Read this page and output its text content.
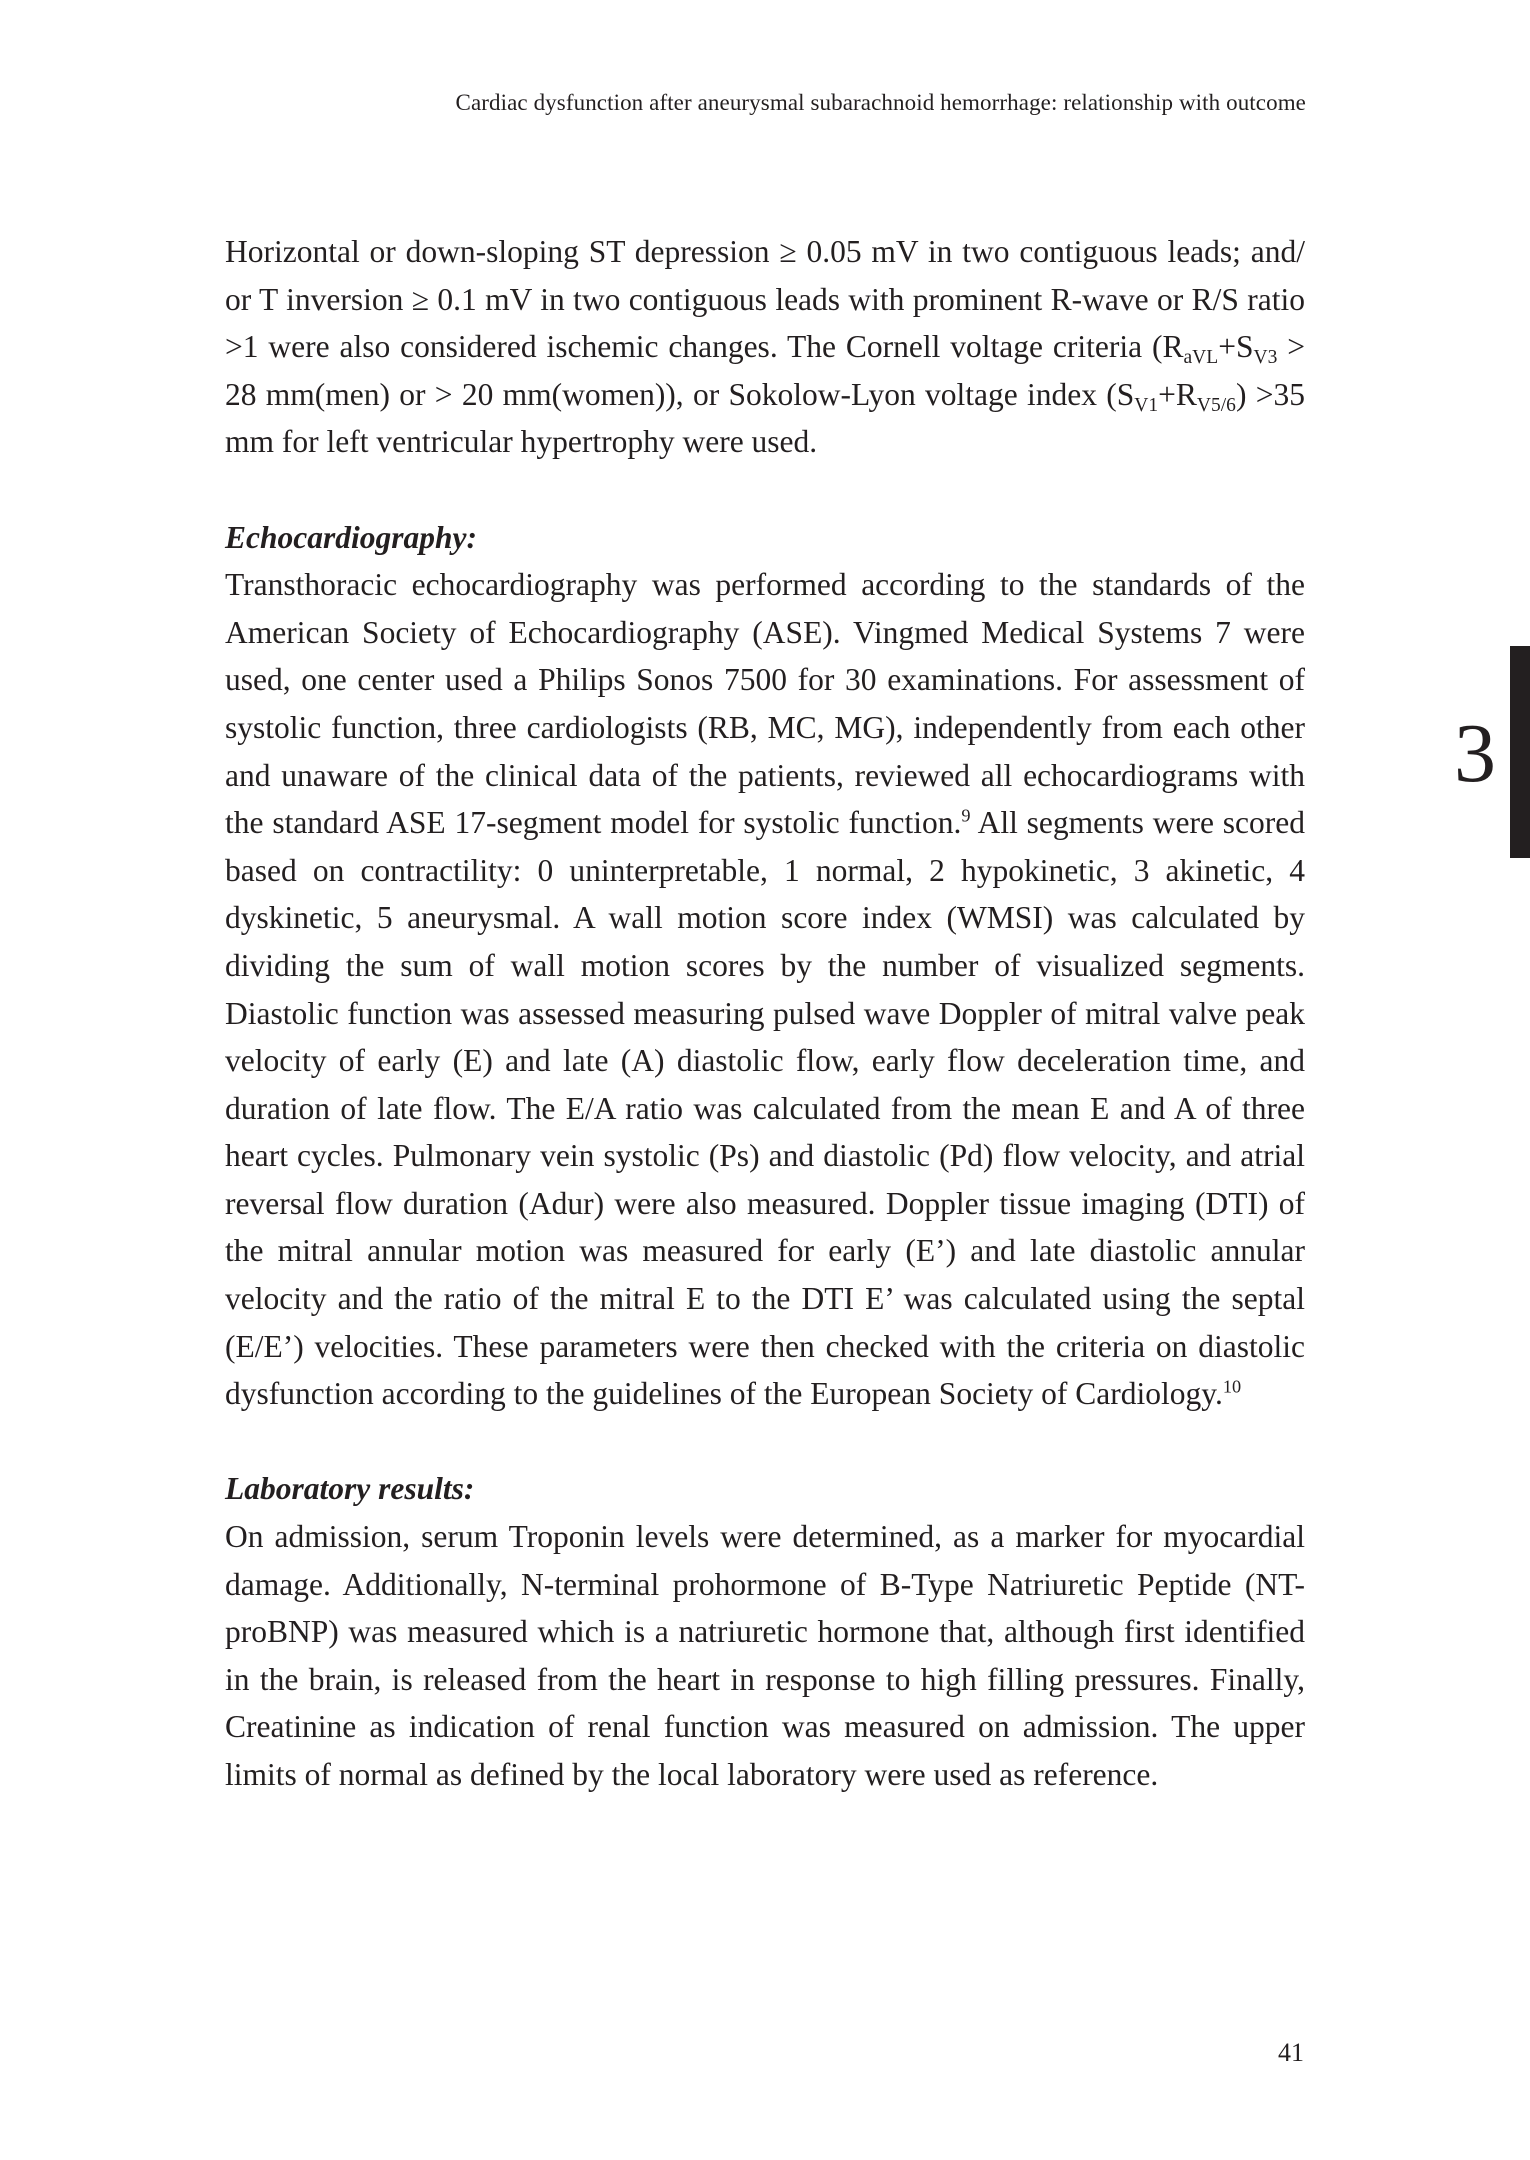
Cardiac dysfunction after aneurysmal subarachnoid hemorrhage: relationship with outcome
3

Horizontal or down-sloping ST depression ≥ 0.05 mV in two contiguous leads; and/ or T inversion ≥ 0.1 mV in two contiguous leads with prominent R-wave or R/S ratio >1 were also considered ischemic changes. The Cornell voltage criteria ($R_{aVL}+S_{V3} > 28$ mm(men) or > 20 mm(women)), or Sokolow-Lyon voltage index $(S_{V1}+R_{V5/6}) >35$ mm for left ventricular hypertrophy were used.

Echocardiography:

Transthoracic echocardiography was performed according to the standards of the American Society of Echocardiography (ASE). Vingmed Medical Systems 7 were used, one center used a Philips Sonos 7500 for 30 examinations. For assessment of systolic function, three cardiologists (RB, MC, MG), independently from each other and unaware of the clinical data of the patients, reviewed all echocardiograms with the standard ASE 17-segment model for systolic function.$^9$ All segments were scored based on contractility: 0 uninterpretable, 1 normal, 2 hypokinetic, 3 akinetic, 4 dyskinetic, 5 aneurysmal. A wall motion score index (WMSI) was calculated by dividing the sum of wall motion scores by the number of visualized segments. Diastolic function was assessed measuring pulsed wave Doppler of mitral valve peak velocity of early (E) and late (A) diastolic flow, early flow deceleration time, and duration of late flow. The E/A ratio was calculated from the mean E and A of three heart cycles. Pulmonary vein systolic (Ps) and diastolic (Pd) flow velocity, and atrial reversal flow duration (Adur) were also measured. Doppler tissue imaging (DTI) of the mitral annular motion was measured for early (E’) and late diastolic annular velocity and the ratio of the mitral E to the DTI E’ was calculated using the septal (E/E’) velocities. These parameters were then checked with the criteria on diastolic dysfunction according to the guidelines of the European Society of Cardiology.$^{10}$

Laboratory results:

On admission, serum Troponin levels were determined, as a marker for myocardial damage. Additionally, N-terminal prohormone of B-Type Natriuretic Peptide (NT-proBNP) was measured which is a natriuretic hormone that, although first identified in the brain, is released from the heart in response to high filling pressures. Finally, Creatinine as indication of renal function was measured on admission. The upper limits of normal as defined by the local laboratory were used as reference.

41
